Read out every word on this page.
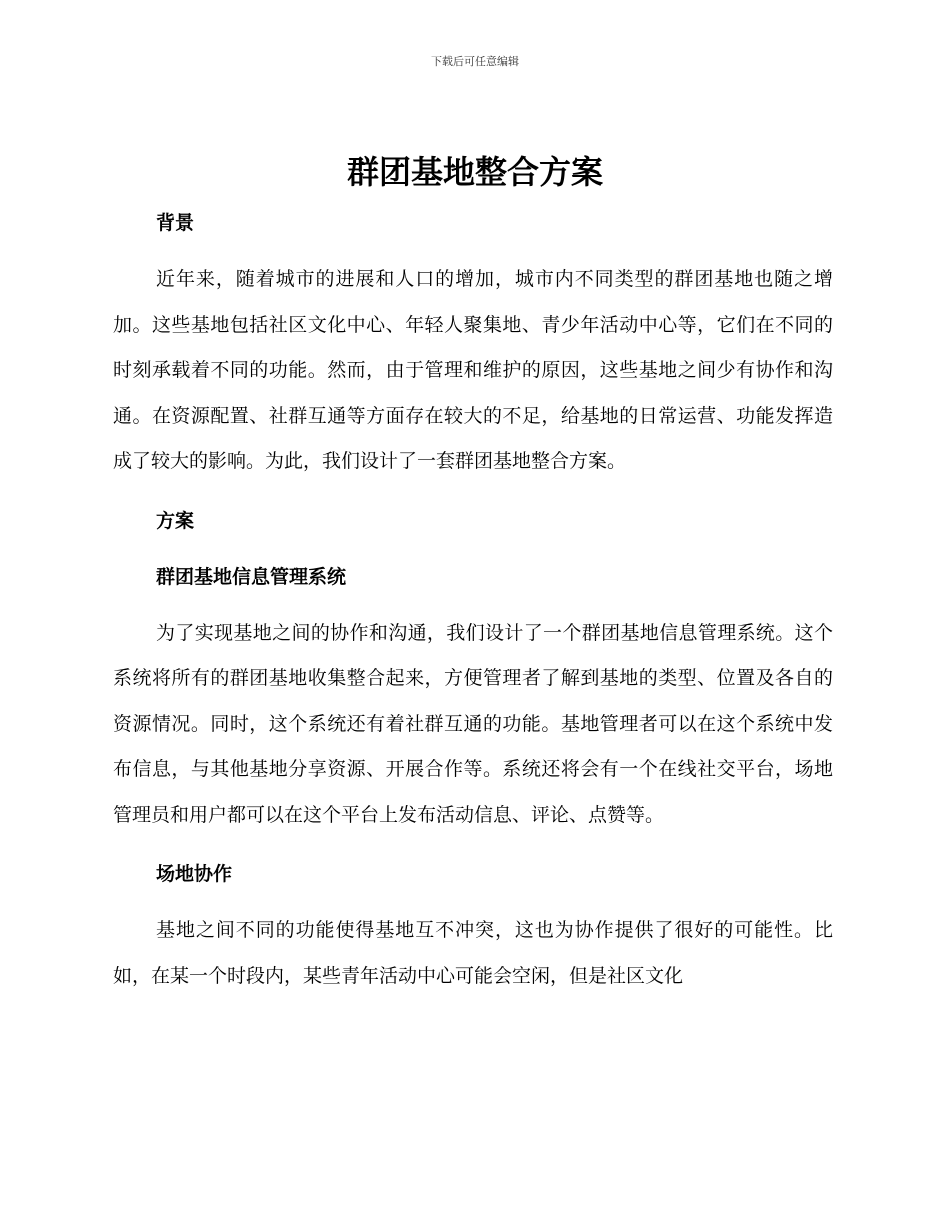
下载后可任意编辑
群团基地整合方案
背景

近年来，随着城市的进展和人口的增加，城市内不同类型的群团基地也随之增加。这些基地包括社区文化中心、年轻人聚集地、青少年活动中心等，它们在不同的时刻承载着不同的功能。然而，由于管理和维护的原因，这些基地之间少有协作和沟通。在资源配置、社群互通等方面存在较大的不足，给基地的日常运营、功能发挥造成了较大的影响。为此，我们设计了一套群团基地整合方案。

方案
群团基地信息管理系统

为了实现基地之间的协作和沟通，我们设计了一个群团基地信息管理系统。这个系统将所有的群团基地收集整合起来，方便管理者了解到基地的类型、位置及各自的资源情况。同时，这个系统还有着社群互通的功能。基地管理者可以在这个系统中发布信息，与其他基地分享资源、开展合作等。系统还将会有一个在线社交平台，场地管理员和用户都可以在这个平台上发布活动信息、评论、点赞等。

场地协作

基地之间不同的功能使得基地互不冲突，这也为协作提供了很好的可能性。比如，在某一个时段内，某些青年活动中心可能会空闲，但是社区文化
